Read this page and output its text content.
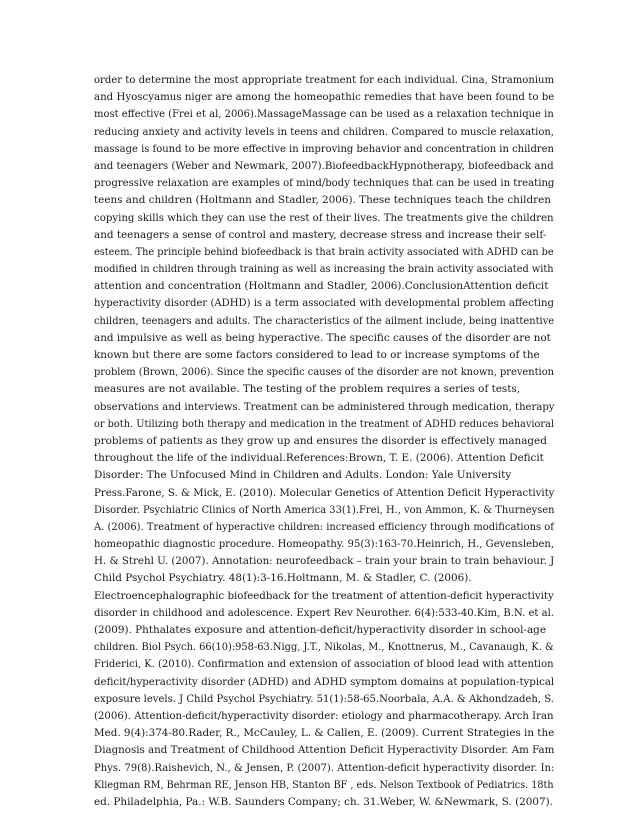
order to determine the most appropriate treatment for each individual. Cina, Stramonium
and Hyoscyamus niger are among the homeopathic remedies that have been found to be
most effective (Frei et al, 2006).MassageMassage can be used as a relaxation technique in
reducing anxiety and activity levels in teens and children. Compared to muscle relaxation,
massage is found to be more effective in improving behavior and concentration in children
and teenagers (Weber and Newmark, 2007).BiofeedbackHypnotherapy, biofeedback and
progressive relaxation are examples of mind/body techniques that can be used in treating
teens and children (Holtmann and Stadler, 2006). These techniques teach the children
copying skills which they can use the rest of their lives. The treatments give the children
and teenagers a sense of control and mastery, decrease stress and increase their self-
esteem. The principle behind biofeedback is that brain activity associated with ADHD can be
modified in children through training as well as increasing the brain activity associated with
attention and concentration (Holtmann and Stadler, 2006).ConclusionAttention deficit
hyperactivity disorder (ADHD) is a term associated with developmental problem affecting
children, teenagers and adults. The characteristics of the ailment include, being inattentive
and impulsive as well as being hyperactive. The specific causes of the disorder are not
known but there are some factors considered to lead to or increase symptoms of the
problem (Brown, 2006). Since the specific causes of the disorder are not known, prevention
measures are not available. The testing of the problem requires a series of tests,
observations and interviews. Treatment can be administered through medication, therapy
or both. Utilizing both therapy and medication in the treatment of ADHD reduces behavioral
problems of patients as they grow up and ensures the disorder is effectively managed
throughout the life of the individual.References:Brown, T. E. (2006). Attention Deficit
Disorder: The Unfocused Mind in Children and Adults. London: Yale University
Press.Farone, S. & Mick, E. (2010). Molecular Genetics of Attention Deficit Hyperactivity
Disorder. Psychiatric Clinics of North America 33(1).Frei, H., von Ammon, K. & Thurneysen
A. (2006). Treatment of hyperactive children: increased efficiency through modifications of
homeopathic diagnostic procedure. Homeopathy. 95(3):163-70.Heinrich, H., Gevensleben,
H. & Strehl U. (2007). Annotation: neurofeedback – train your brain to train behaviour. J
Child Psychol Psychiatry. 48(1):3-16.Holtmann, M. & Stadler, C. (2006).
Electroencephalographic biofeedback for the treatment of attention-deficit hyperactivity
disorder in childhood and adolescence. Expert Rev Neurother. 6(4):533-40.Kim, B.N. et al.
(2009). Phthalates exposure and attention-deficit/hyperactivity disorder in school-age
children. Biol Psych. 66(10):958-63.Nigg, J.T., Nikolas, M., Knottnerus, M., Cavanaugh, K. &
Friderici, K. (2010). Confirmation and extension of association of blood lead with attention
deficit/hyperactivity disorder (ADHD) and ADHD symptom domains at population-typical
exposure levels. J Child Psychol Psychiatry. 51(1):58-65.Noorbala, A.A. & Akhondzadeh, S.
(2006). Attention-deficit/hyperactivity disorder: etiology and pharmacotherapy. Arch Iran
Med. 9(4):374-80.Rader, R., McCauley, L. & Callen, E. (2009). Current Strategies in the
Diagnosis and Treatment of Childhood Attention Deficit Hyperactivity Disorder. Am Fam
Phys. 79(8).Raishevich, N., & Jensen, P. (2007). Attention-deficit hyperactivity disorder. In:
Kliegman RM, Behrman RE, Jenson HB, Stanton BF , eds. Nelson Textbook of Pediatrics. 18th
ed. Philadelphia, Pa.: W.B. Saunders Company; ch. 31.Weber, W. &Newmark, S. (2007).
